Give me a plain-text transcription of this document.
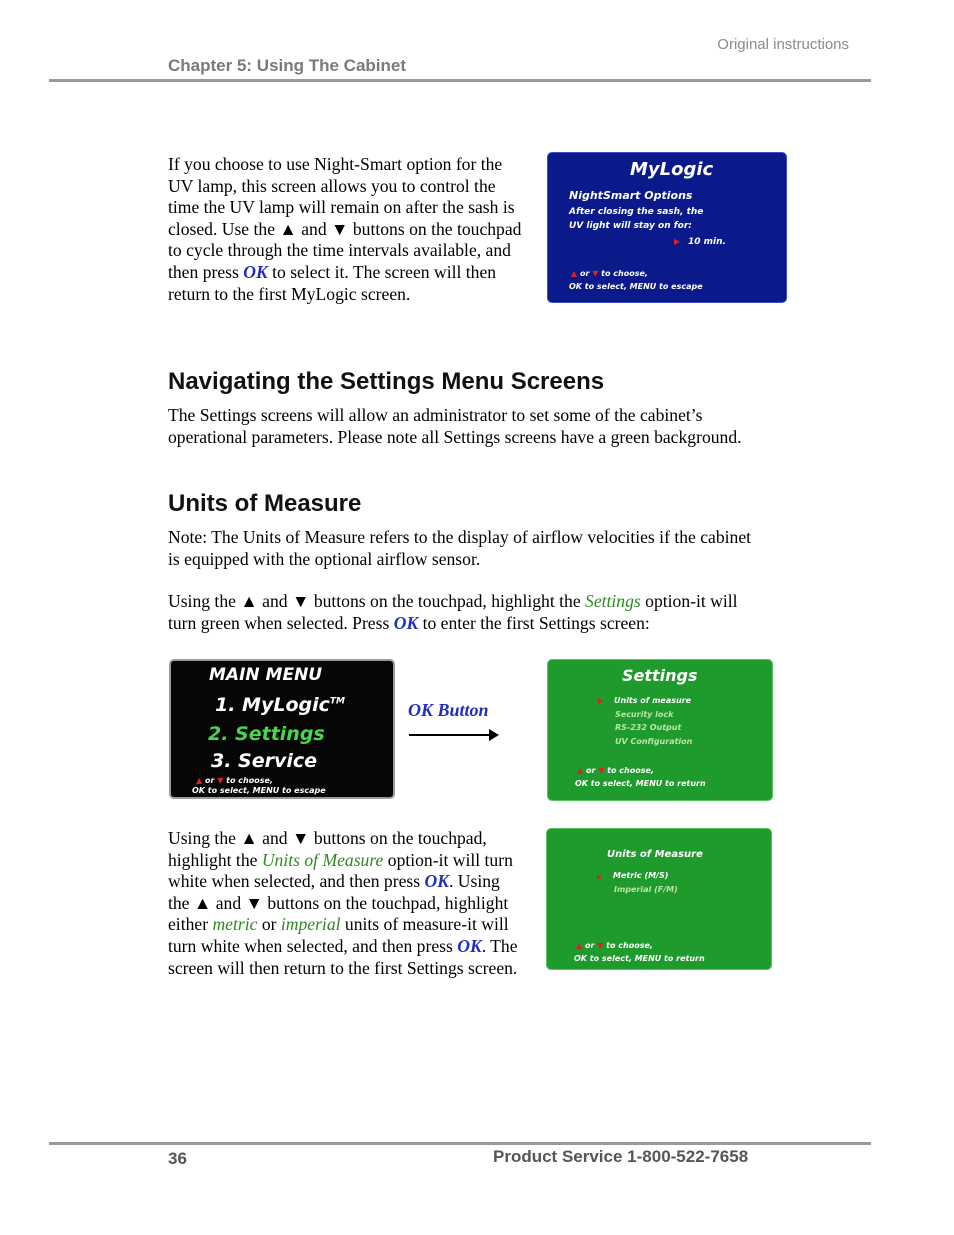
Original instructions
Chapter 5: Using The Cabinet

If you choose to use Night-Smart option for the UV lamp, this screen allows you to control the time the UV lamp will remain on after the sash is closed. Use the ▲ and ▼ buttons on the touchpad to cycle through the time intervals available, and then press OK to select it. The screen will then return to the first MyLogic screen.

MyLogic
NightSmart Options
After closing the sash, the
UV light will stay on for:
▶ 10 min.
▲ or ▼ to choose,
OK to select, MENU to escape
Navigating the Settings Menu Screens

The Settings screens will allow an administrator to set some of the cabinet’s operational parameters. Please note all Settings screens have a green background.

Units of Measure

Note: The Units of Measure refers to the display of airflow velocities if the cabinet is equipped with the optional airflow sensor.

Using the ▲ and ▼ buttons on the touchpad, highlight the Settings option-it will turn green when selected. Press OK to enter the first Settings screen:

MAIN MENU
1. MyLogic™
2. Settings
3. Service
▲ or ▼ to choose,
OK to select, MENU to escape
OK Button
Settings
▶ Units of measure
Security lock
RS-232 Output
UV Configuration
▲ or ▼ to choose,
OK to select, MENU to return

Using the ▲ and ▼ buttons on the touchpad, highlight the Units of Measure option-it will turn white when selected, and then press OK. Using the ▲ and ▼ buttons on the touchpad, highlight either metric or imperial units of measure-it will turn white when selected, and then press OK. The screen will then return to the first Settings screen.

Units of Measure
▶ Metric (M/S)
Imperial (F/M)
▲ or ▼ to choose,
OK to select, MENU to return
36	Product Service 1-800-522-7658
